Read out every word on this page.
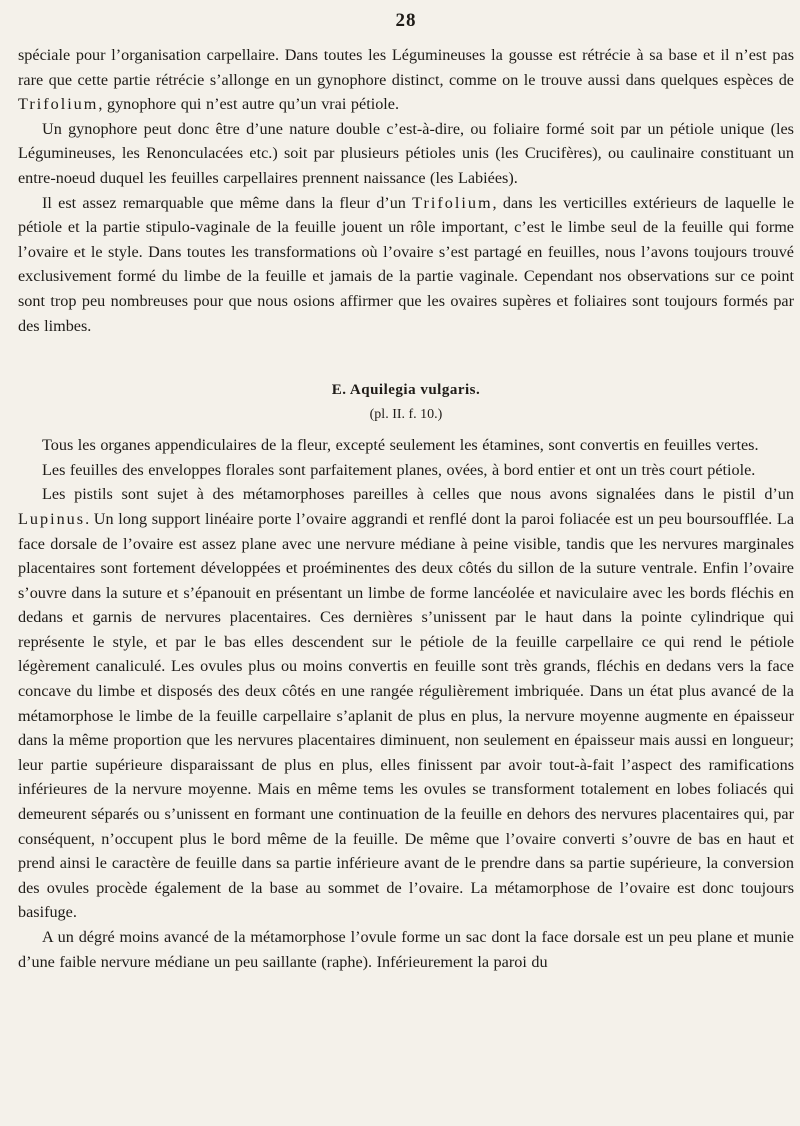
28

spéciale pour l’organisation carpellaire. Dans toutes les Légumineuses la gousse est rétrécie à sa base et il n’est pas rare que cette partie rétrécie s’allonge en un gynophore distinct, comme on le trouve aussi dans quelques espèces de Trifolium, gynophore qui n’est autre qu’un vrai pétiole.

Un gynophore peut donc être d’une nature double c’est-à-dire, ou foliaire formé soit par un pétiole unique (les Légumineuses, les Renonculacées etc.) soit par plusieurs pétioles unis (les Crucifères), ou caulinaire constituant un entre-noeud duquel les feuilles carpellaires prennent naissance (les Labiées).

Il est assez remarquable que même dans la fleur d’un Trifolium, dans les verticilles extérieurs de laquelle le pétiole et la partie stipulo-vaginale de la feuille jouent un rôle important, c’est le limbe seul de la feuille qui forme l’ovaire et le style. Dans toutes les transformations où l’ovaire s’est partagé en feuilles, nous l’avons toujours trouvé exclusivement formé du limbe de la feuille et jamais de la partie vaginale. Cependant nos observations sur ce point sont trop peu nombreuses pour que nous osions affirmer que les ovaires supères et foliaires sont toujours formés par des limbes.

E. Aquilegia vulgaris.
(pl. II. f. 10.)

Tous les organes appendiculaires de la fleur, excepté seulement les étamines, sont convertis en feuilles vertes.

Les feuilles des enveloppes florales sont parfaitement planes, ovées, à bord entier et ont un très court pétiole.

Les pistils sont sujet à des métamorphoses pareilles à celles que nous avons signalées dans le pistil d’un Lupinus. Un long support linéaire porte l’ovaire aggrandi et renflé dont la paroi foliacée est un peu boursoufflée. La face dorsale de l’ovaire est assez plane avec une nervure médiane à peine visible, tandis que les nervures marginales placentaires sont fortement développées et proéminentes des deux côtés du sillon de la suture ventrale. Enfin l’ovaire s’ouvre dans la suture et s’épanouit en présentant un limbe de forme lancéolée et naviculaire avec les bords fléchis en dedans et garnis de nervures placentaires. Ces dernières s’unissent par le haut dans la pointe cylindrique qui représente le style, et par le bas elles descendent sur le pétiole de la feuille carpellaire ce qui rend le pétiole légèrement canaliculé. Les ovules plus ou moins convertis en feuille sont très grands, fléchis en dedans vers la face concave du limbe et disposés des deux côtés en une rangée régulièrement imbriquée. Dans un état plus avancé de la métamorphose le limbe de la feuille carpellaire s’aplanit de plus en plus, la nervure moyenne augmente en épaisseur dans la même proportion que les nervures placentaires diminuent, non seulement en épaisseur mais aussi en longueur; leur partie supérieure disparaissant de plus en plus, elles finissent par avoir tout-à-fait l’aspect des ramifications inférieures de la nervure moyenne. Mais en même tems les ovules se transforment totalement en lobes foliacés qui demeurent séparés ou s’unissent en formant une continuation de la feuille en dehors des nervures placentaires qui, par conséquent, n’occupent plus le bord même de la feuille. De même que l’ovaire converti s’ouvre de bas en haut et prend ainsi le caractère de feuille dans sa partie inférieure avant de le prendre dans sa partie supérieure, la conversion des ovules procède également de la base au sommet de l’ovaire. La métamorphose de l’ovaire est donc toujours basifuge.

A un dégré moins avancé de la métamorphose l’ovule forme un sac dont la face dorsale est un peu plane et munie d’une faible nervure médiane un peu saillante (raphe). Inférieurement la paroi du
